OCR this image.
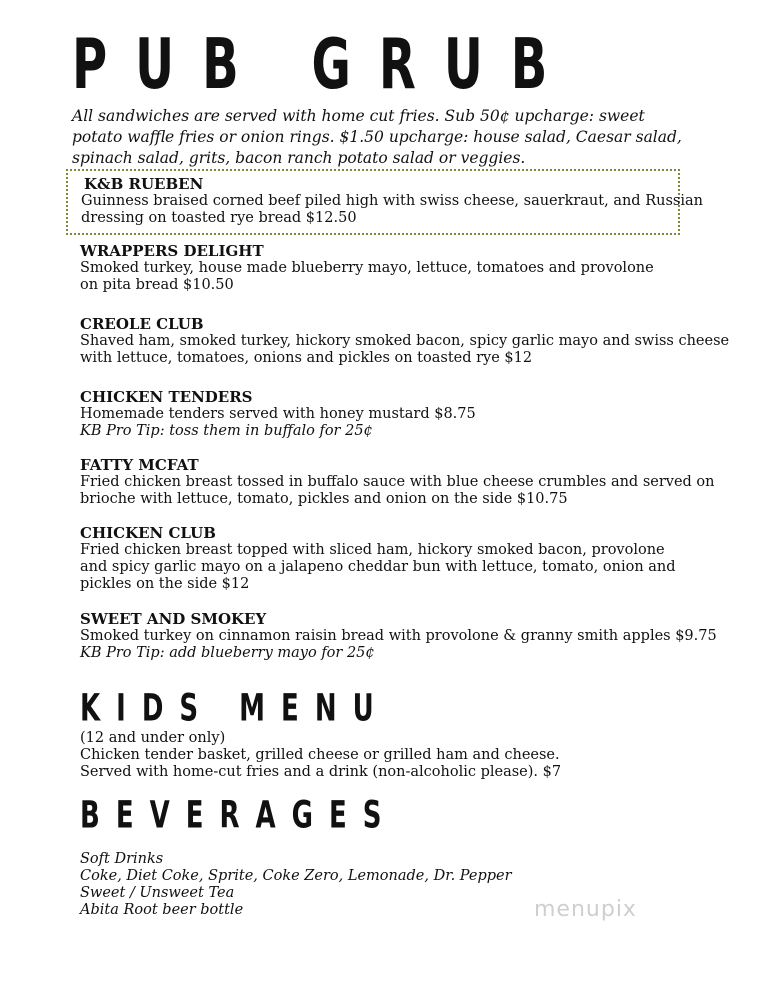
PUB GRUB

All sandwiches are served with home cut fries. Sub 50¢ upcharge: sweet potato waffle fries or onion rings. $1.50 upcharge: house salad, Caesar salad, spinach salad, grits, bacon ranch potato salad or veggies.

K&B RUEBEN
Guinness braised corned beef piled high with swiss cheese, sauerkraut, and Russian
dressing on toasted rye bread $12.50
WRAPPERS DELIGHT
Smoked turkey, house made blueberry mayo, lettuce, tomatoes and provolone
on pita bread $10.50
CREOLE CLUB
Shaved ham, smoked turkey, hickory smoked bacon, spicy garlic mayo and swiss cheese
with lettuce, tomatoes, onions and pickles on toasted rye $12
CHICKEN TENDERS
Homemade tenders served with honey mustard $8.75
KB Pro Tip: toss them in buffalo for 25¢
FATTY MCFAT
Fried chicken breast tossed in buffalo sauce with blue cheese crumbles and served on
brioche with lettuce, tomato, pickles and onion on the side $10.75
CHICKEN CLUB
Fried chicken breast topped with sliced ham, hickory smoked bacon, provolone
and spicy garlic mayo on a jalapeno cheddar bun with lettuce, tomato, onion and
pickles on the side $12
SWEET AND SMOKEY
Smoked turkey on cinnamon raisin bread with provolone & granny smith apples $9.75
KB Pro Tip: add blueberry mayo for 25¢
KIDS MENU
(12 and under only)
Chicken tender basket, grilled cheese or grilled ham and cheese.
Served with home-cut fries and a drink (non-alcoholic please). $7
BEVERAGES
Soft Drinks
Coke, Diet Coke, Sprite, Coke Zero, Lemonade, Dr. Pepper
Sweet / Unsweet Tea
Abita Root beer bottle	menupix
